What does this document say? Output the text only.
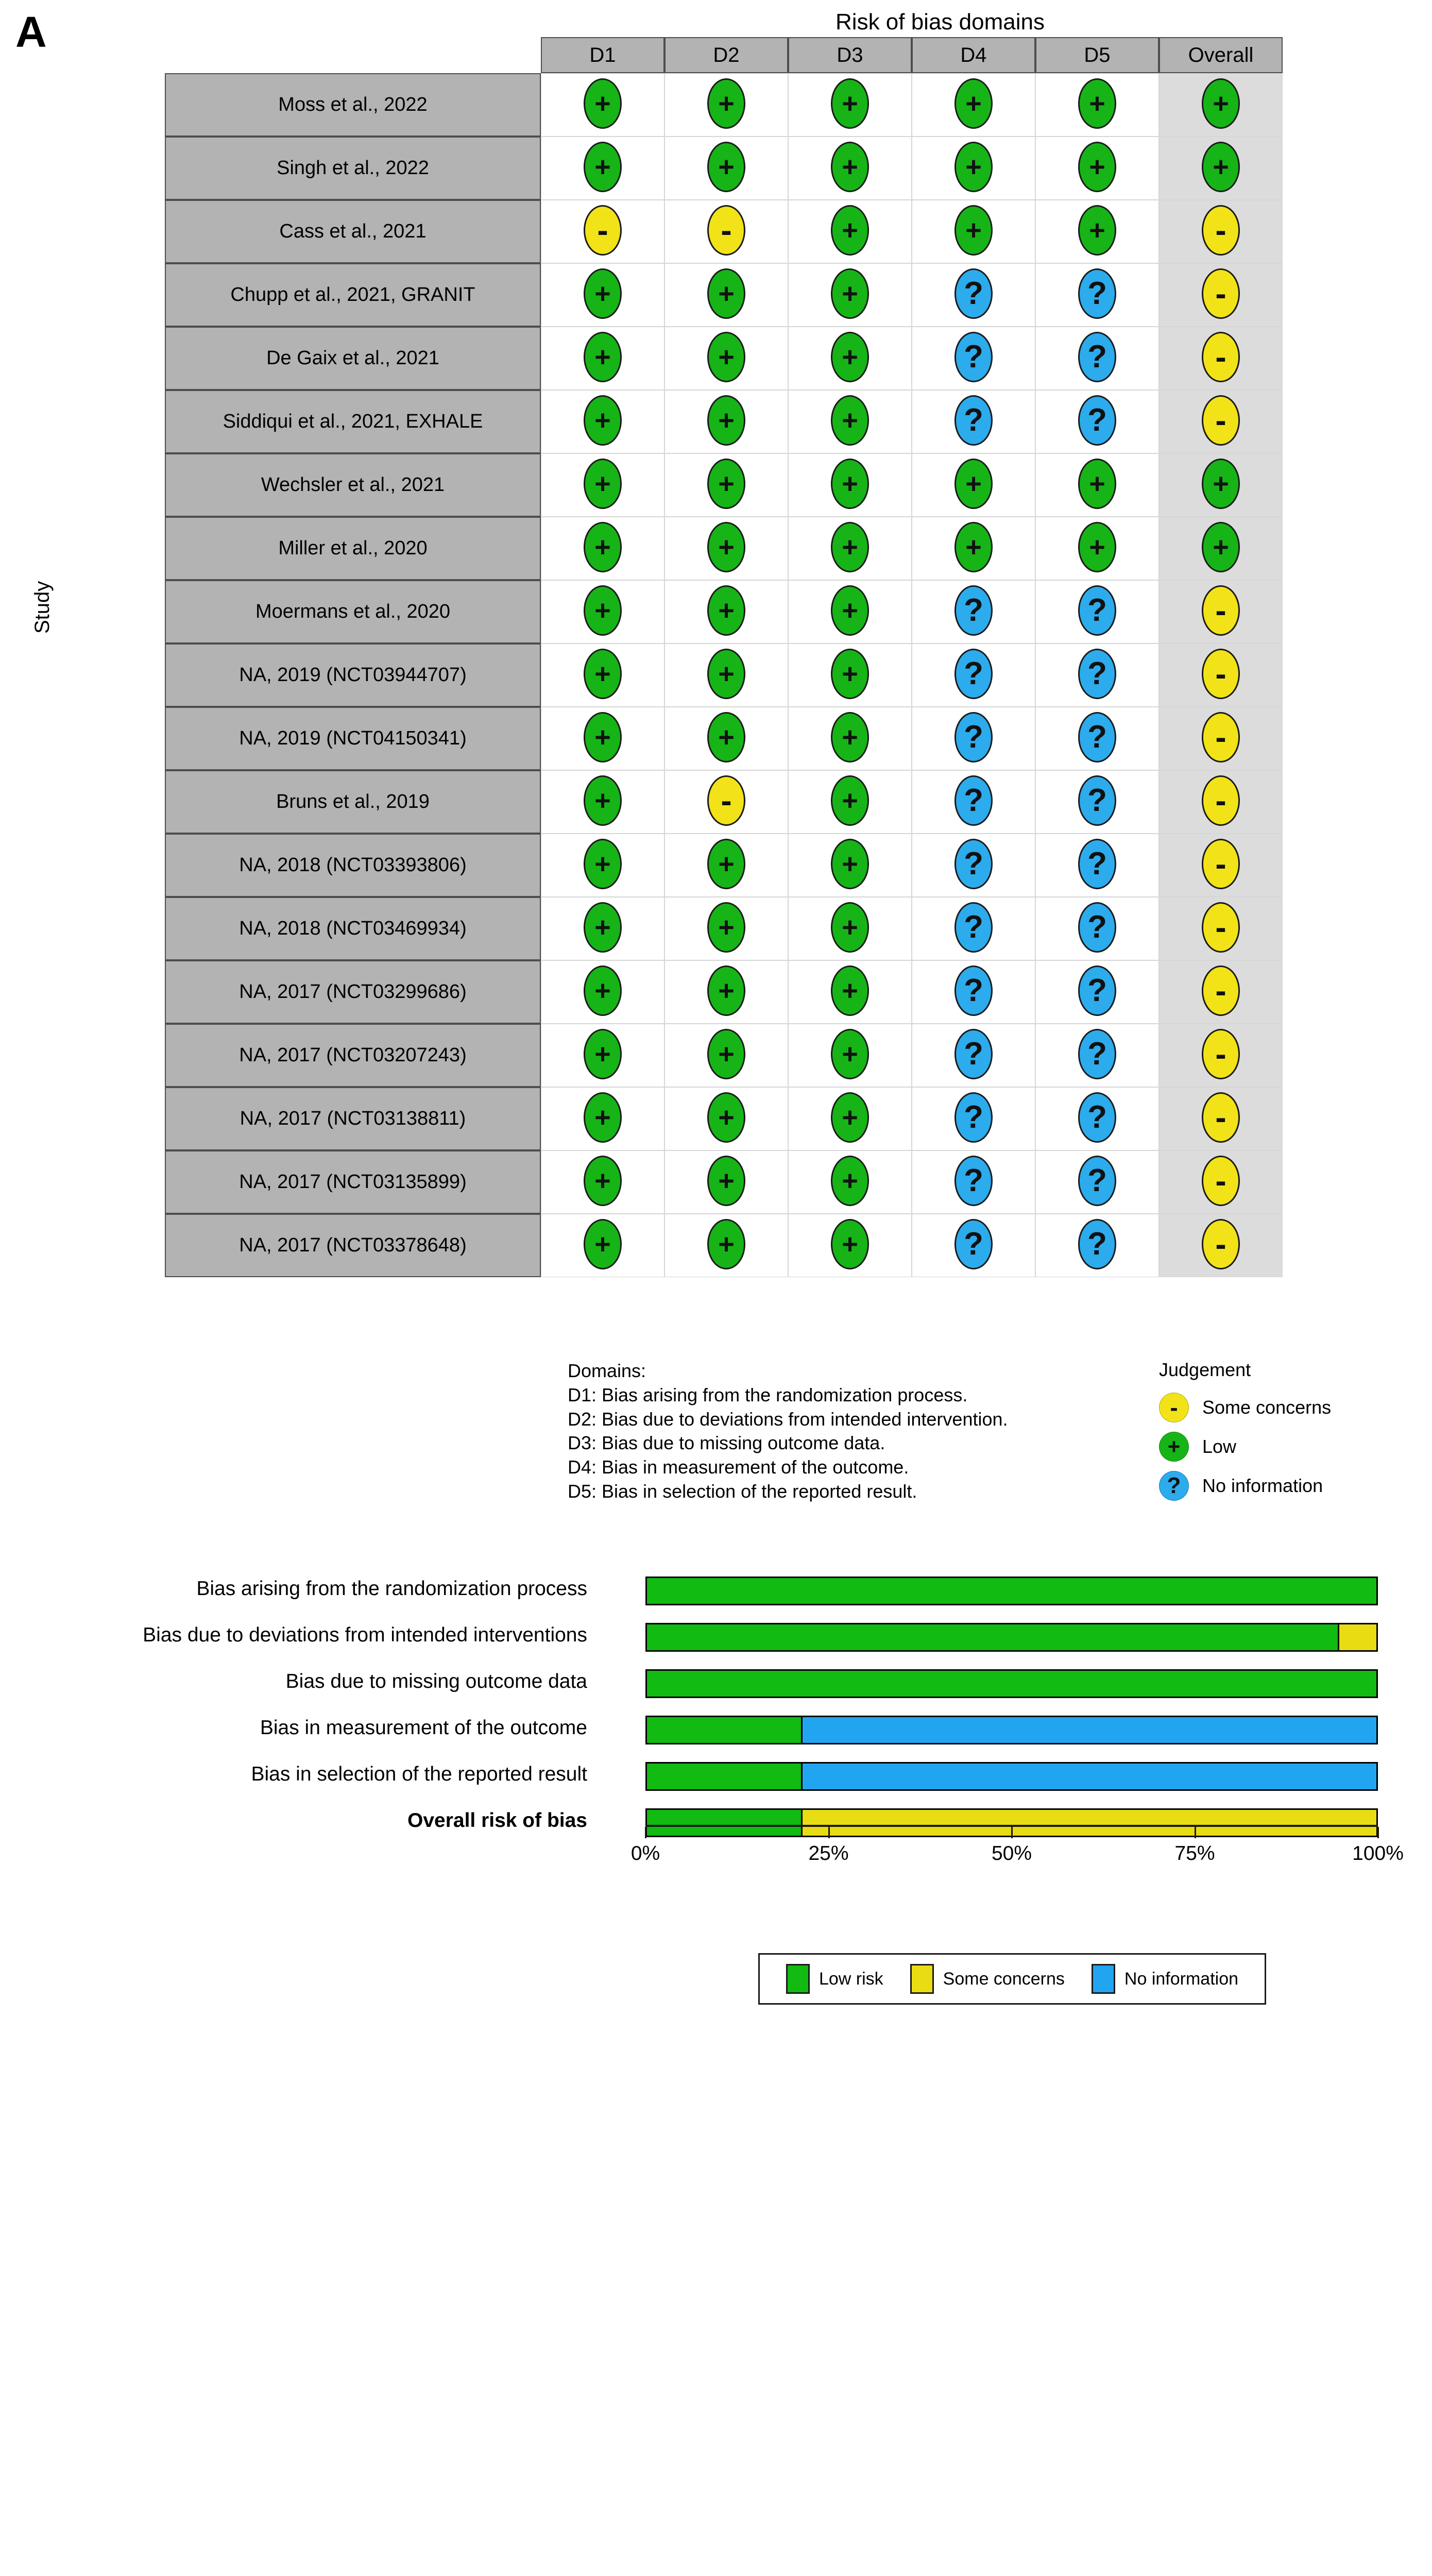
A	Risk of bias domains
Study
	D1	D2	D3	D4	D5	Overall
Moss et al., 2022	+	+	+	+	+	+

Singh et al., 2022	+	+	+	+	+	+

Cass et al., 2021	-	-	+	+	+	-

Chupp et al., 2021, GRANIT	+	+	+	?	?	-

De Gaix et al., 2021	+	+	+	?	?	-

Siddiqui et al., 2021, EXHALE	+	+	+	?	?	-

Wechsler et al., 2021	+	+	+	+	+	+

Miller et al., 2020	+	+	+	+	+	+

Moermans et al., 2020	+	+	+	?	?	-

NA, 2019 (NCT03944707)	+	+	+	?	?	-

NA, 2019 (NCT04150341)	+	+	+	?	?	-

Bruns et al., 2019	+	-	+	?	?	-

NA, 2018 (NCT03393806)	+	+	+	?	?	-

NA, 2018 (NCT03469934)	+	+	+	?	?	-

NA, 2017 (NCT03299686)	+	+	+	?	?	-

NA, 2017 (NCT03207243)	+	+	+	?	?	-

NA, 2017 (NCT03138811)	+	+	+	?	?	-

NA, 2017 (NCT03135899)	+	+	+	?	?	-

NA, 2017 (NCT03378648)	+	+	+	?	?	-
Domains:
D1: Bias arising from the randomization process.
D2: Bias due to deviations from intended intervention.
D3: Bias due to missing outcome data.
D4: Bias in measurement of the outcome.
D5: Bias in selection of the reported result.
Judgement
-	Some concerns
+	Low
?	No information
Bias arising from the randomization process
Bias due to deviations from intended interventions
Bias due to missing outcome data
Bias in measurement of the outcome
Bias in selection of the reported result
Overall risk of bias
0%	25%	50%	75%	100%
Low risk	Some concerns	No information
